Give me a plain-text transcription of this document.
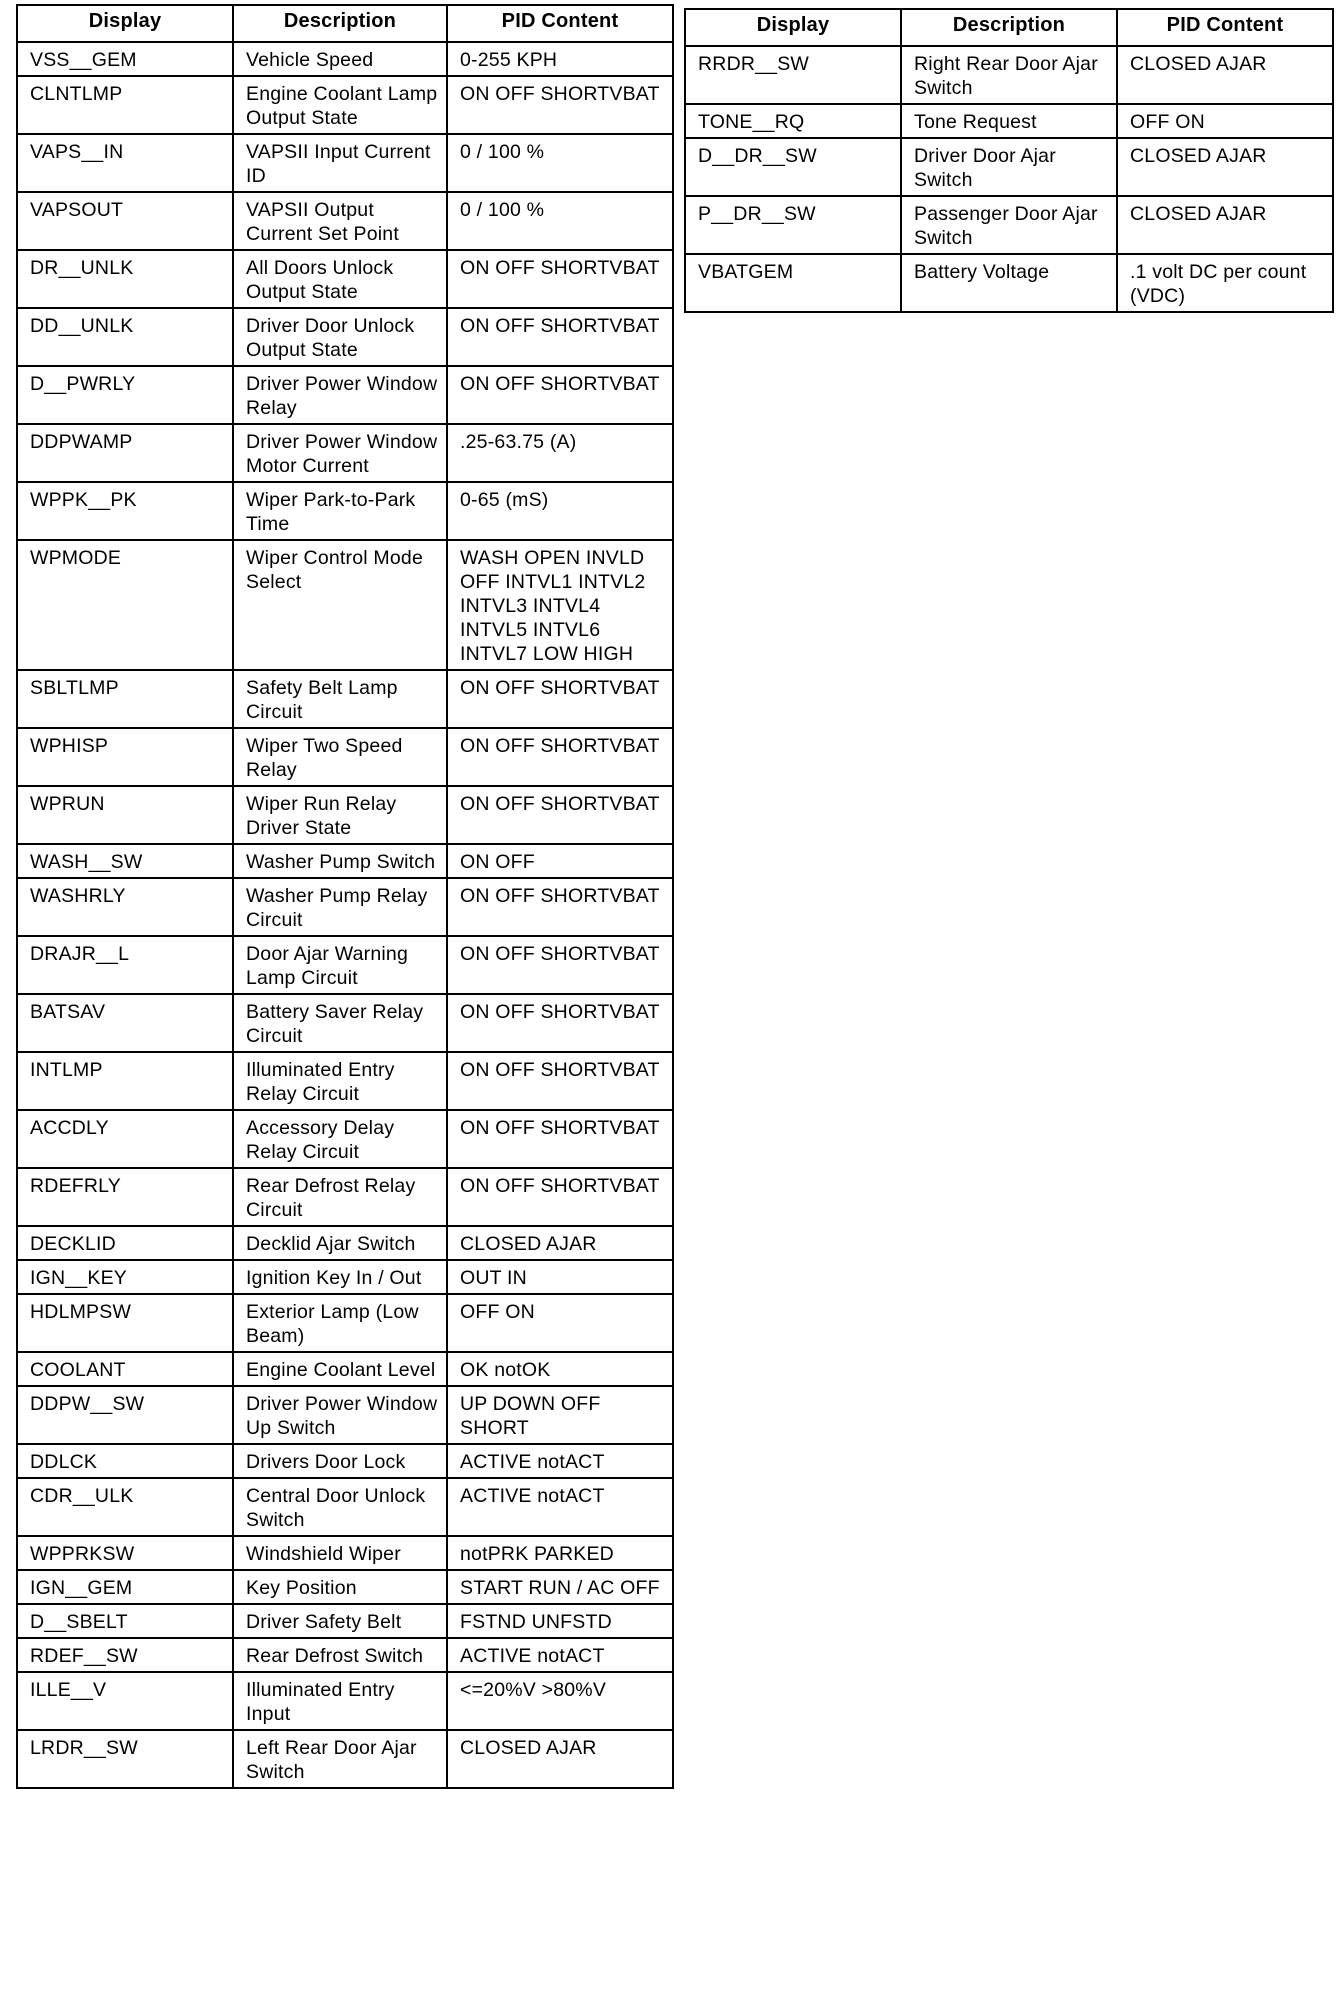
Display	Description	PID Content
VSS__GEM	Vehicle Speed	0-255 KPH
CLNTLMP	Engine Coolant Lamp Output State	ON OFF SHORTVBAT
VAPS__IN	VAPSII Input Current ID	0 / 100 %
VAPSOUT	VAPSII Output Current Set Point	0 / 100 %
DR__UNLK	All Doors Unlock Output State	ON OFF SHORTVBAT
DD__UNLK	Driver Door Unlock Output State	ON OFF SHORTVBAT
D__PWRLY	Driver Power Window Relay	ON OFF SHORTVBAT
DDPWAMP	Driver Power Window Motor Current	.25-63.75 (A)
WPPK__PK	Wiper Park-to-Park Time	0-65 (mS)
WPMODE	Wiper Control Mode Select	WASH OPEN INVLD OFF INTVL1 INTVL2 INTVL3 INTVL4 INTVL5 INTVL6 INTVL7 LOW HIGH
SBLTLMP	Safety Belt Lamp Circuit	ON OFF SHORTVBAT
WPHISP	Wiper Two Speed Relay	ON OFF SHORTVBAT
WPRUN	Wiper Run Relay Driver State	ON OFF SHORTVBAT
WASH__SW	Washer Pump Switch	ON OFF
WASHRLY	Washer Pump Relay Circuit	ON OFF SHORTVBAT
DRAJR__L	Door Ajar Warning Lamp Circuit	ON OFF SHORTVBAT
BATSAV	Battery Saver Relay Circuit	ON OFF SHORTVBAT
INTLMP	Illuminated Entry Relay Circuit	ON OFF SHORTVBAT
ACCDLY	Accessory Delay Relay Circuit	ON OFF SHORTVBAT
RDEFRLY	Rear Defrost Relay Circuit	ON OFF SHORTVBAT
DECKLID	Decklid Ajar Switch	CLOSED AJAR
IGN__KEY	Ignition Key In / Out	OUT IN
HDLMPSW	Exterior Lamp (Low Beam)	OFF ON
COOLANT	Engine Coolant Level	OK notOK
DDPW__SW	Driver Power Window Up Switch	UP DOWN OFF SHORT
DDLCK	Drivers Door Lock	ACTIVE notACT
CDR__ULK	Central Door Unlock Switch	ACTIVE notACT
WPPRKSW	Windshield Wiper	notPRK PARKED
IGN__GEM	Key Position	START RUN / AC OFF
D__SBELT	Driver Safety Belt	FSTND UNFSTD
RDEF__SW	Rear Defrost Switch	ACTIVE notACT
ILLE__V	Illuminated Entry Input	<=20%V >80%V
LRDR__SW	Left Rear Door Ajar Switch	CLOSED AJAR
Display	Description	PID Content
RRDR__SW	Right Rear Door Ajar Switch	CLOSED AJAR
TONE__RQ	Tone Request	OFF ON
D__DR__SW	Driver Door Ajar Switch	CLOSED AJAR
P__DR__SW	Passenger Door Ajar Switch	CLOSED AJAR
VBATGEM	Battery Voltage	.1 volt DC per count (VDC)
